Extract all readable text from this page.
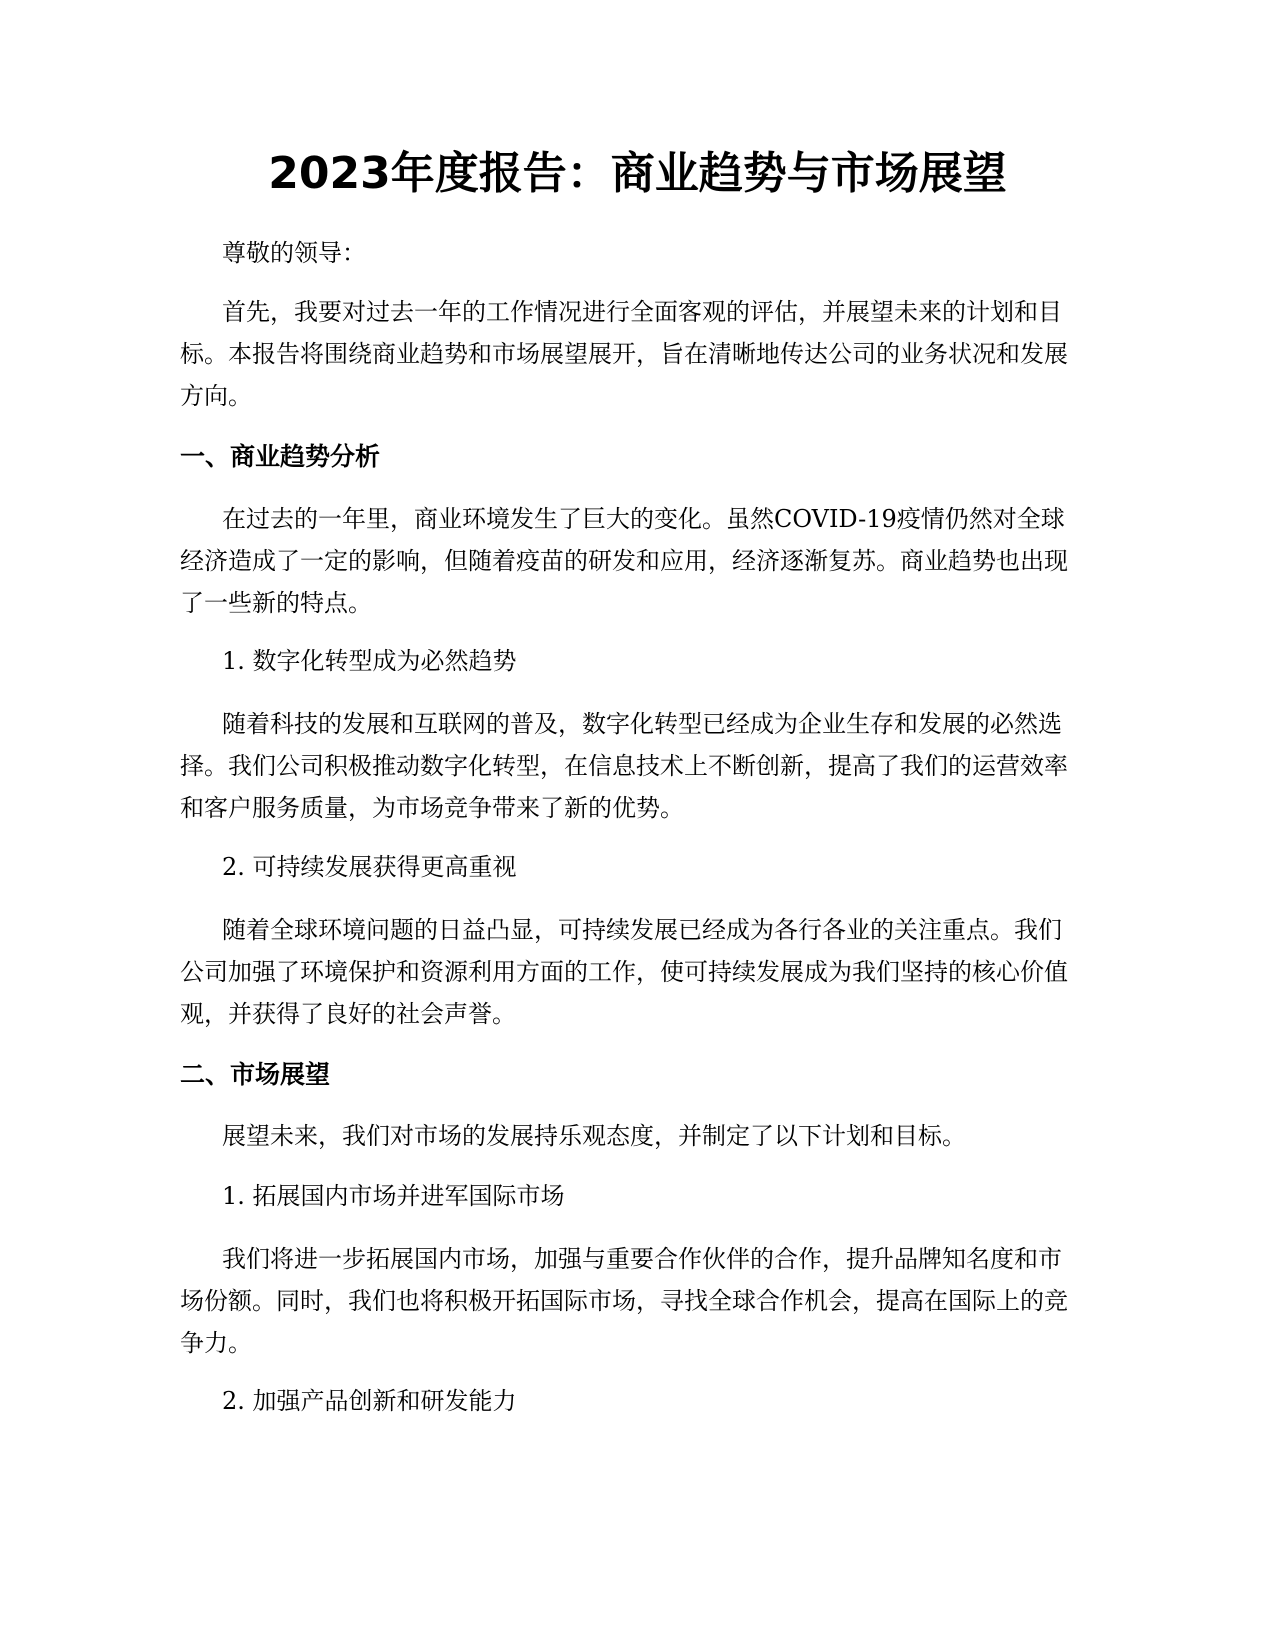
2023年度报告：商业趋势与市场展望

尊敬的领导：

首先，我要对过去一年的工作情况进行全面客观的评估，并展望未来的计划和目标。本报告将围绕商业趋势和市场展望展开，旨在清晰地传达公司的业务状况和发展方向。

一、商业趋势分析

在过去的一年里，商业环境发生了巨大的变化。虽然COVID-19疫情仍然对全球经济造成了一定的影响，但随着疫苗的研发和应用，经济逐渐复苏。商业趋势也出现了一些新的特点。

1. 数字化转型成为必然趋势

随着科技的发展和互联网的普及，数字化转型已经成为企业生存和发展的必然选择。我们公司积极推动数字化转型，在信息技术上不断创新，提高了我们的运营效率和客户服务质量，为市场竞争带来了新的优势。

2. 可持续发展获得更高重视

随着全球环境问题的日益凸显，可持续发展已经成为各行各业的关注重点。我们公司加强了环境保护和资源利用方面的工作，使可持续发展成为我们坚持的核心价值观，并获得了良好的社会声誉。

二、市场展望

展望未来，我们对市场的发展持乐观态度，并制定了以下计划和目标。

1. 拓展国内市场并进军国际市场

我们将进一步拓展国内市场，加强与重要合作伙伴的合作，提升品牌知名度和市场份额。同时，我们也将积极开拓国际市场，寻找全球合作机会，提高在国际上的竞争力。

2. 加强产品创新和研发能力
